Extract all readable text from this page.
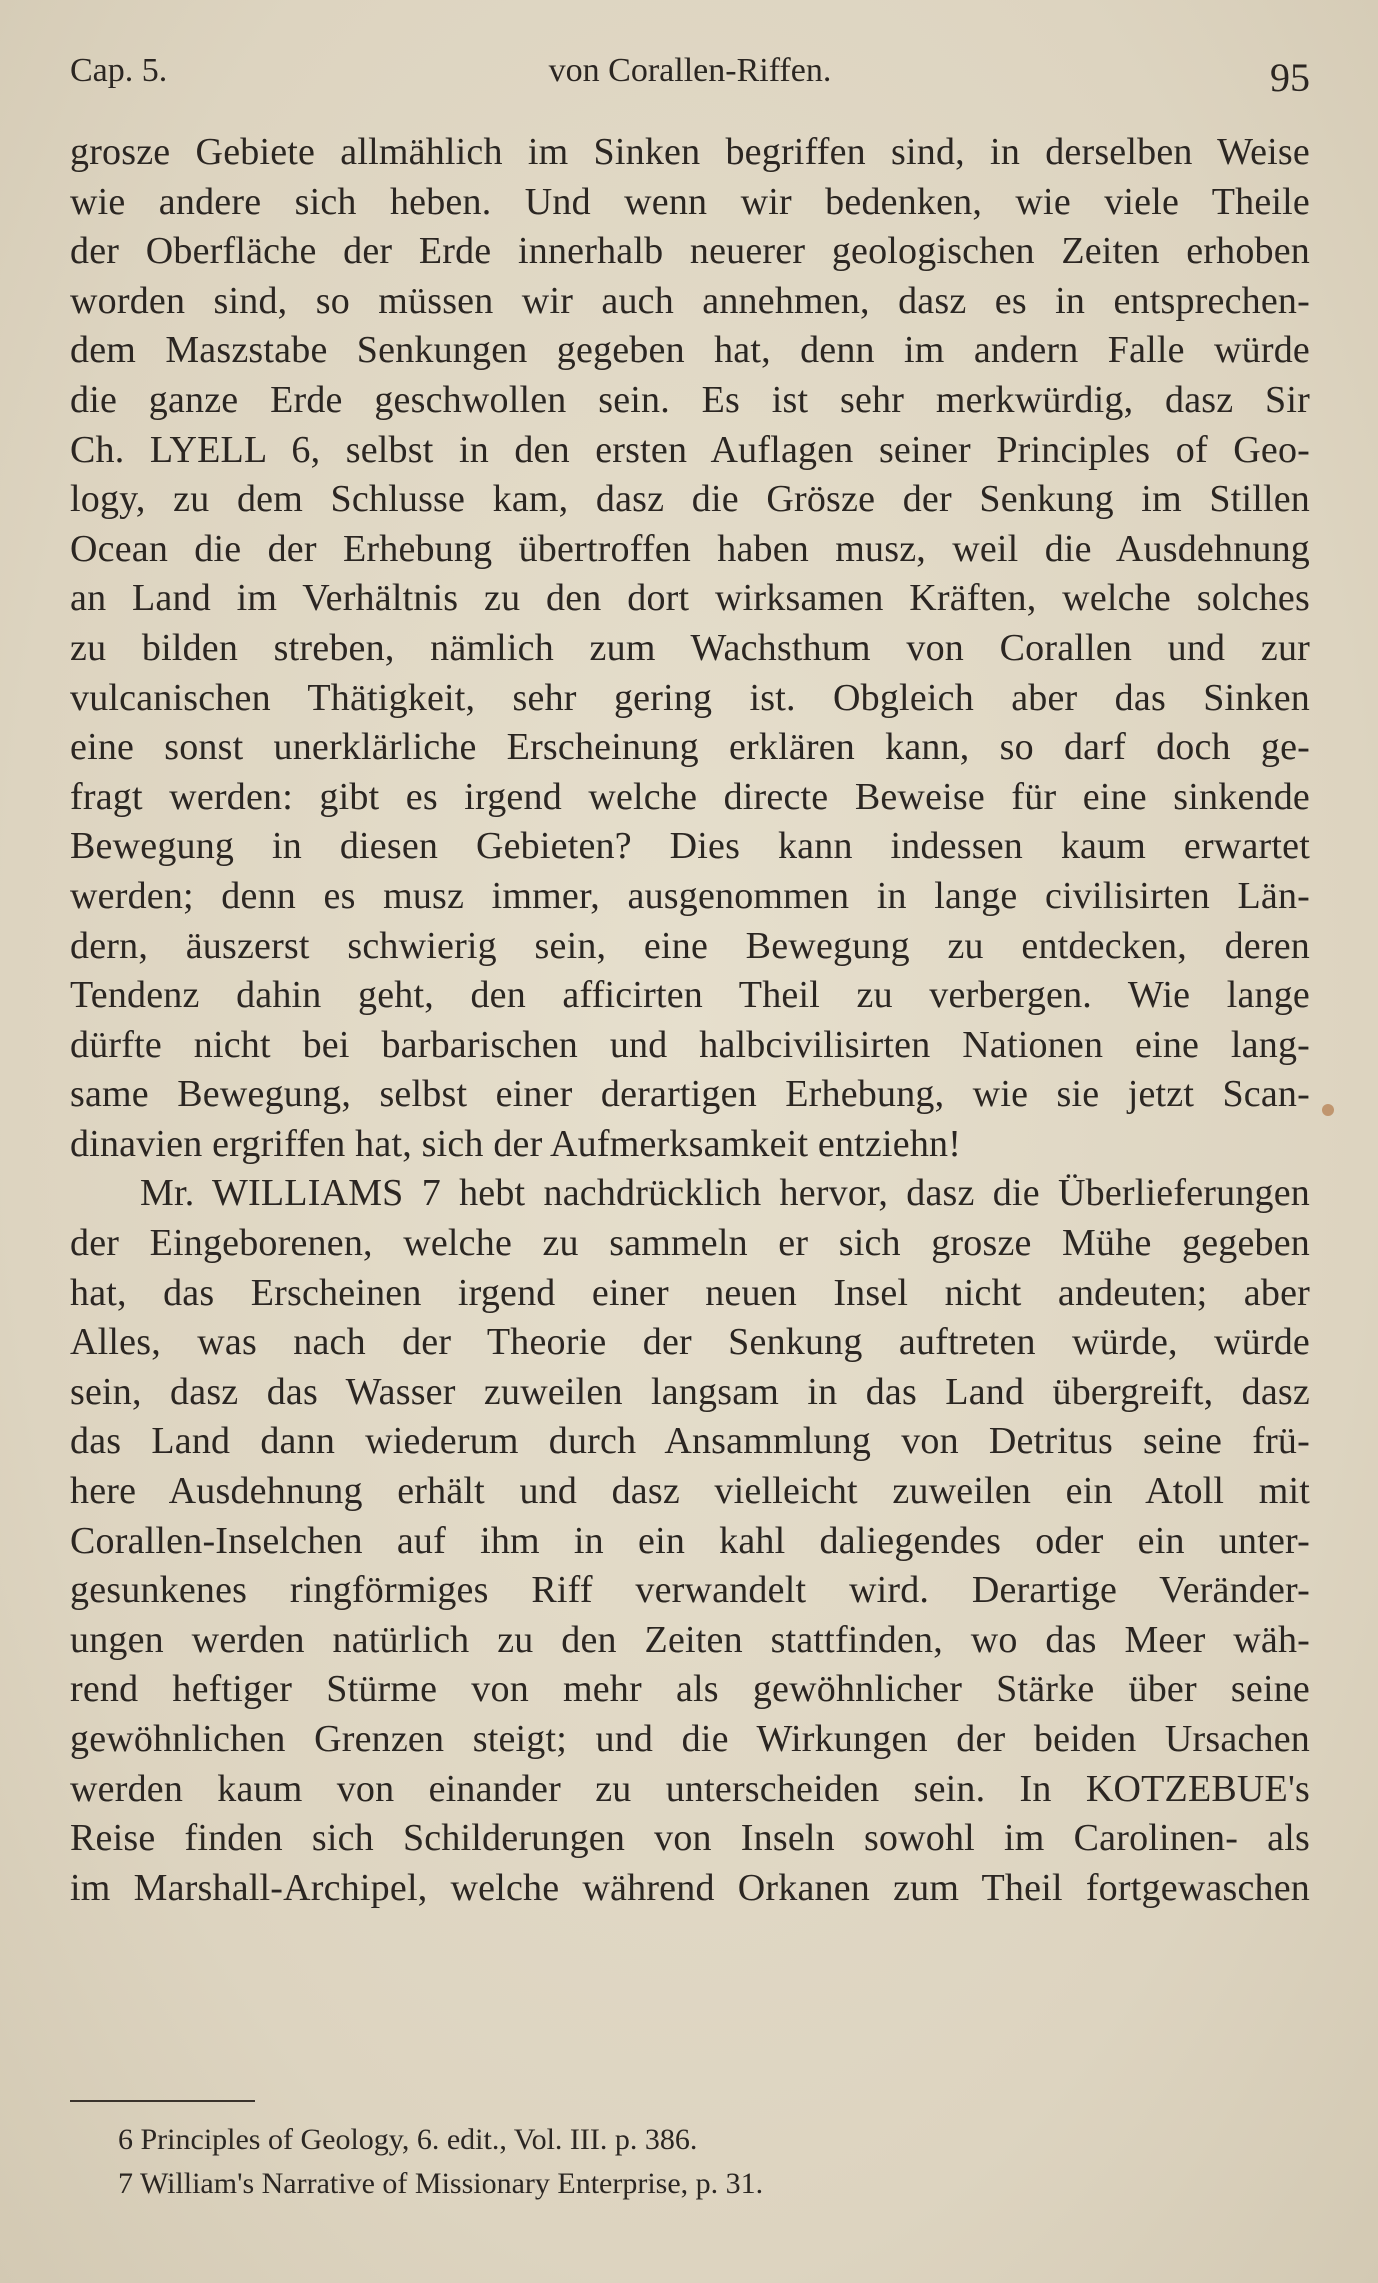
Cap. 5.	von Corallen-Riffen.	95
grosze Gebiete allmählich im Sinken begriffen sind, in derselben Weise
wie andere sich heben. Und wenn wir bedenken, wie viele Theile
der Oberfläche der Erde innerhalb neuerer geologischen Zeiten erhoben
worden sind, so müssen wir auch annehmen, dasz es in entsprechen-
dem Maszstabe Senkungen gegeben hat, denn im andern Falle würde
die ganze Erde geschwollen sein. Es ist sehr merkwürdig, dasz Sir
Ch. LYELL 6, selbst in den ersten Auflagen seiner Principles of Geo-
logy, zu dem Schlusse kam, dasz die Grösze der Senkung im Stillen
Ocean die der Erhebung übertroffen haben musz, weil die Ausdehnung
an Land im Verhältnis zu den dort wirksamen Kräften, welche solches
zu bilden streben, nämlich zum Wachsthum von Corallen und zur
vulcanischen Thätigkeit, sehr gering ist. Obgleich aber das Sinken
eine sonst unerklärliche Erscheinung erklären kann, so darf doch ge-
fragt werden: gibt es irgend welche directe Beweise für eine sinkende
Bewegung in diesen Gebieten? Dies kann indessen kaum erwartet
werden; denn es musz immer, ausgenommen in lange civilisirten Län-
dern, äuszerst schwierig sein, eine Bewegung zu entdecken, deren
Tendenz dahin geht, den afficirten Theil zu verbergen. Wie lange
dürfte nicht bei barbarischen und halbcivilisirten Nationen eine lang-
same Bewegung, selbst einer derartigen Erhebung, wie sie jetzt Scan-
dinavien ergriffen hat, sich der Aufmerksamkeit entziehn!
Mr. WILLIAMS 7 hebt nachdrücklich hervor, dasz die Überlieferungen
der Eingeborenen, welche zu sammeln er sich grosze Mühe gegeben
hat, das Erscheinen irgend einer neuen Insel nicht andeuten; aber
Alles, was nach der Theorie der Senkung auftreten würde, würde
sein, dasz das Wasser zuweilen langsam in das Land übergreift, dasz
das Land dann wiederum durch Ansammlung von Detritus seine frü-
here Ausdehnung erhält und dasz vielleicht zuweilen ein Atoll mit
Corallen-Inselchen auf ihm in ein kahl daliegendes oder ein unter-
gesunkenes ringförmiges Riff verwandelt wird. Derartige Veränder-
ungen werden natürlich zu den Zeiten stattfinden, wo das Meer wäh-
rend heftiger Stürme von mehr als gewöhnlicher Stärke über seine
gewöhnlichen Grenzen steigt; und die Wirkungen der beiden Ursachen
werden kaum von einander zu unterscheiden sein. In KOTZEBUE's
Reise finden sich Schilderungen von Inseln sowohl im Carolinen- als
im Marshall-Archipel, welche während Orkanen zum Theil fortgewaschen
6 Principles of Geology, 6. edit., Vol. III. p. 386.
7 William's Narrative of Missionary Enterprise, p. 31.
